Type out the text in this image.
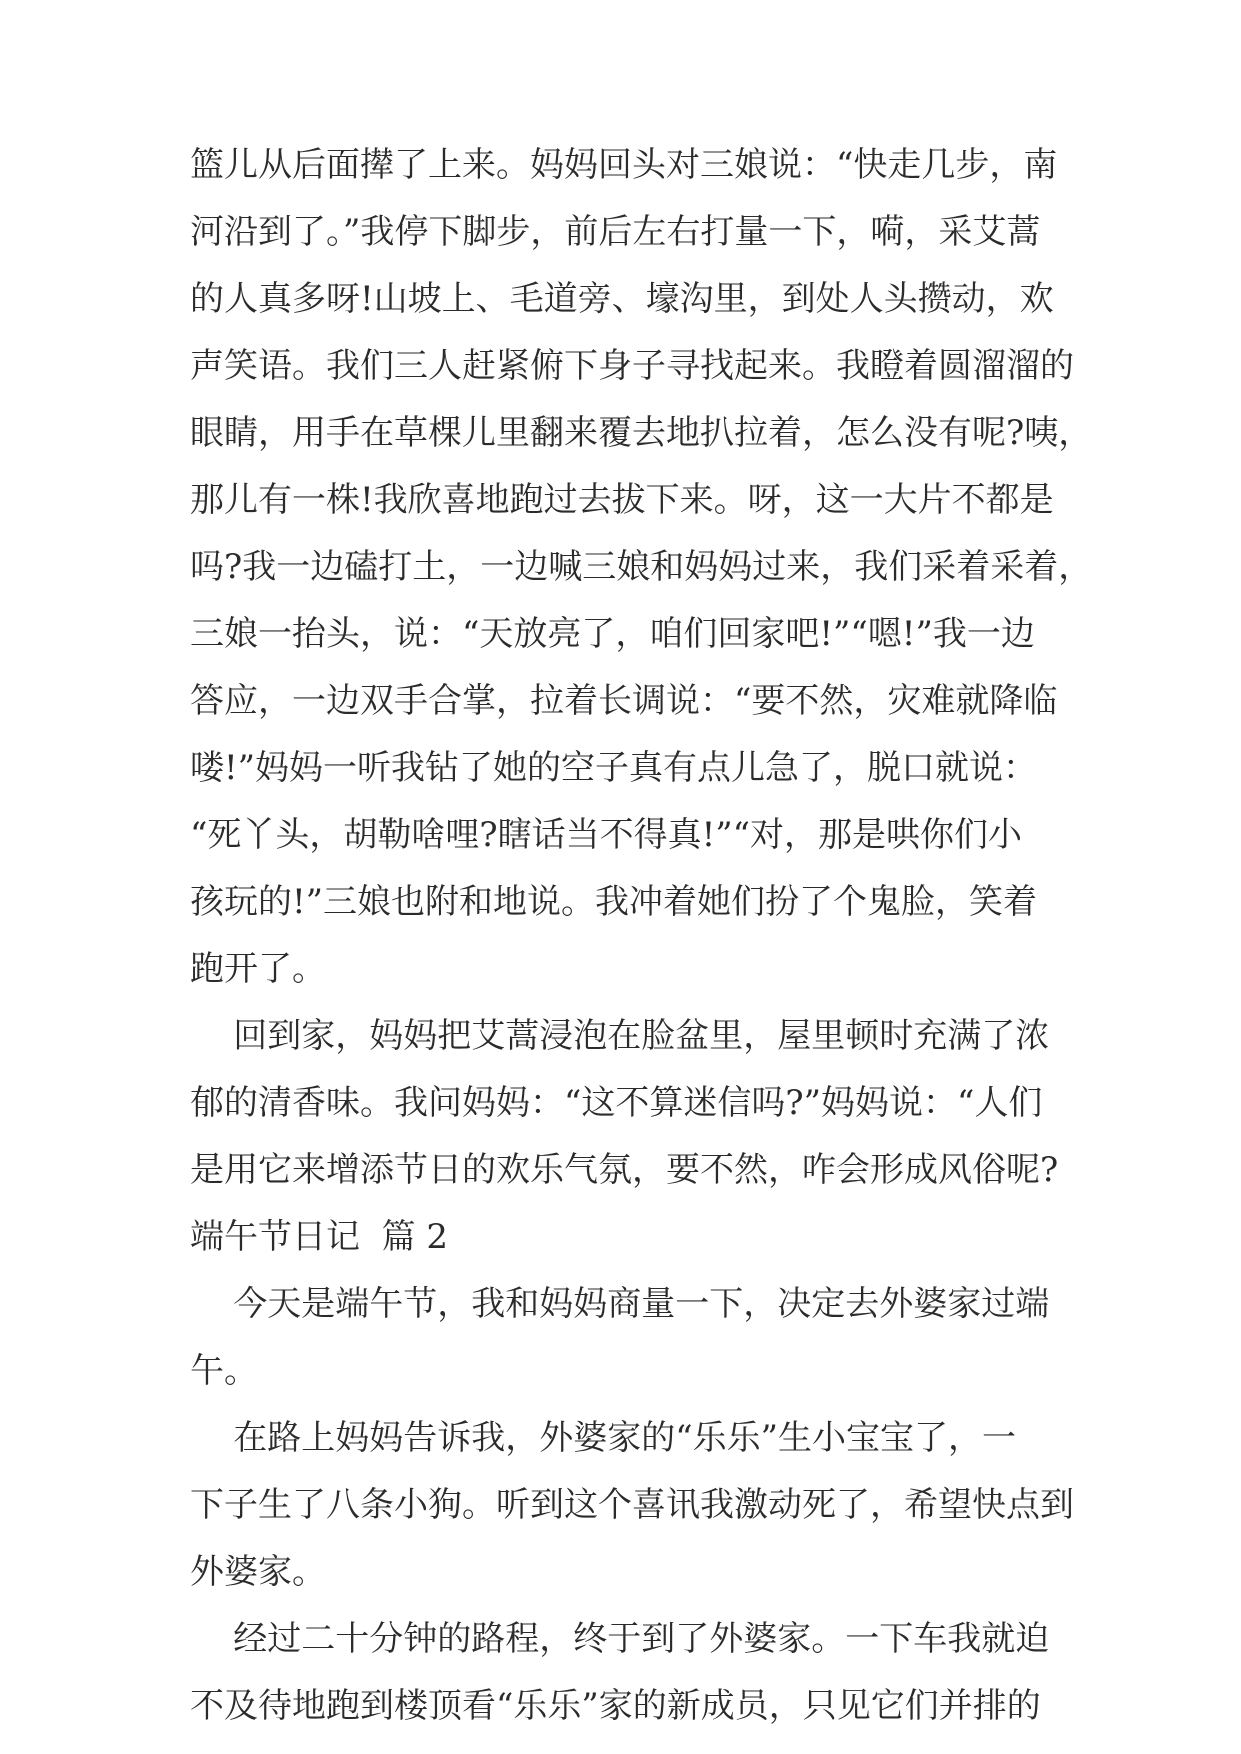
篮儿从后面撵了上来。妈妈回头对三娘说：“快走几步，南
河沿到了。”我停下脚步，前后左右打量一下，嗬，采艾蒿
的人真多呀!山坡上、毛道旁、壕沟里，到处人头攒动，欢
声笑语。我们三人赶紧俯下身子寻找起来。我瞪着圆溜溜的
眼睛，用手在草棵儿里翻来覆去地扒拉着，怎么没有呢?咦，
那儿有一株!我欣喜地跑过去拔下来。呀，这一大片不都是
吗?我一边磕打土，一边喊三娘和妈妈过来，我们采着采着，
三娘一抬头，说：“天放亮了，咱们回家吧!”“嗯!”我一边
答应，一边双手合掌，拉着长调说：“要不然，灾难就降临
喽!”妈妈一听我钻了她的空子真有点儿急了，脱口就说：
“死丫头，胡勒啥哩?瞎话当不得真!”“对，那是哄你们小
孩玩的!”三娘也附和地说。我冲着她们扮了个鬼脸，笑着
跑开了。
回到家，妈妈把艾蒿浸泡在脸盆里，屋里顿时充满了浓
郁的清香味。我问妈妈：“这不算迷信吗?”妈妈说：“人们
是用它来增添节日的欢乐气氛，要不然，咋会形成风俗呢?
端午节日记  篇 2
今天是端午节，我和妈妈商量一下，决定去外婆家过端
午。
在路上妈妈告诉我，外婆家的“乐乐”生小宝宝了，一
下子生了八条小狗。听到这个喜讯我激动死了，希望快点到
外婆家。
经过二十分钟的路程，终于到了外婆家。一下车我就迫
不及待地跑到楼顶看“乐乐”家的新成员，只见它们并排的
